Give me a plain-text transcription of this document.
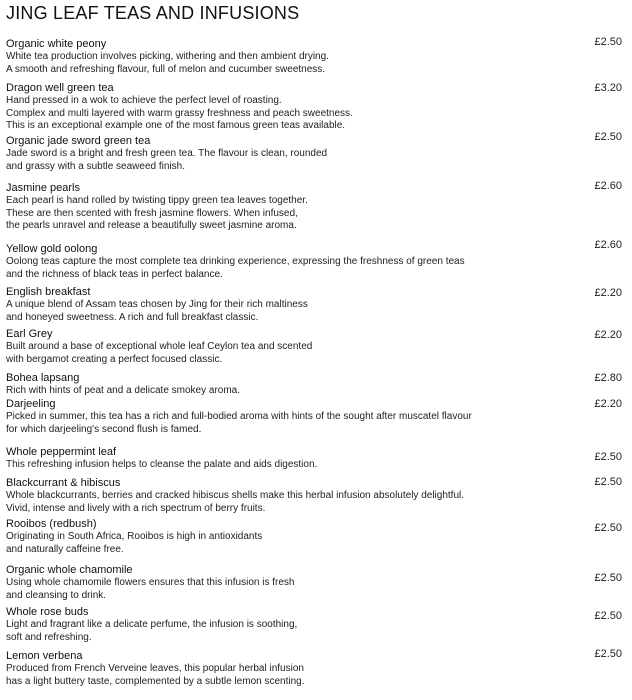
JING LEAF TEAS AND INFUSIONS
Organic white peony
White tea production involves picking, withering and then ambient drying.
A smooth and refreshing flavour, full of melon and cucumber sweetness.
£2.50
Dragon well green tea
Hand pressed in a wok to achieve the perfect level of roasting.
Complex and multi layered with warm grassy freshness and peach sweetness.
This is an exceptional example one of the most famous green teas available.
£3.20
Organic jade sword green tea
Jade sword is a bright and fresh green tea. The flavour is clean, rounded
and grassy with a subtle seaweed finish.
£2.50
Jasmine pearls
Each pearl is hand rolled by twisting tippy green tea leaves together.
These are then scented with fresh jasmine flowers. When infused,
the pearls unravel and release a beautifully sweet jasmine aroma.
£2.60
Yellow gold oolong
Oolong teas capture the most complete tea drinking experience, expressing the freshness of green teas
and the richness of black teas in perfect balance.
£2.60
English breakfast
A unique blend of Assam teas chosen by Jing for their rich maltiness
and honeyed sweetness. A rich and full breakfast classic.
£2.20
Earl Grey
Built around a base of exceptional whole leaf Ceylon tea and scented
with bergamot creating a perfect focused classic.
£2.20
Bohea lapsang
Rich with hints of peat and a delicate smokey aroma.
£2.80
Darjeeling
Picked in summer, this tea has a rich and full-bodied aroma with hints of the sought after muscatel flavour
for which darjeeling's second flush is famed.
£2.20
Whole peppermint leaf
This refreshing infusion helps to cleanse the palate and aids digestion.
£2.50
Blackcurrant & hibiscus
Whole blackcurrants, berries and cracked hibiscus shells make this herbal infusion absolutely delightful.
Vivid, intense and lively with a rich spectrum of berry fruits.
£2.50
Rooibos (redbush)
Originating in South Africa, Rooibos is high in antioxidants
and naturally caffeine free.
£2.50
Organic whole chamomile
Using whole chamomile flowers ensures that this infusion is fresh
and cleansing to drink.
£2.50
Whole rose buds
Light and fragrant like a delicate perfume, the infusion is soothing,
soft and refreshing.
£2.50
Lemon verbena
Produced from French Verveine leaves, this popular herbal infusion
has a light buttery taste, complemented by a subtle lemon scenting.
£2.50
